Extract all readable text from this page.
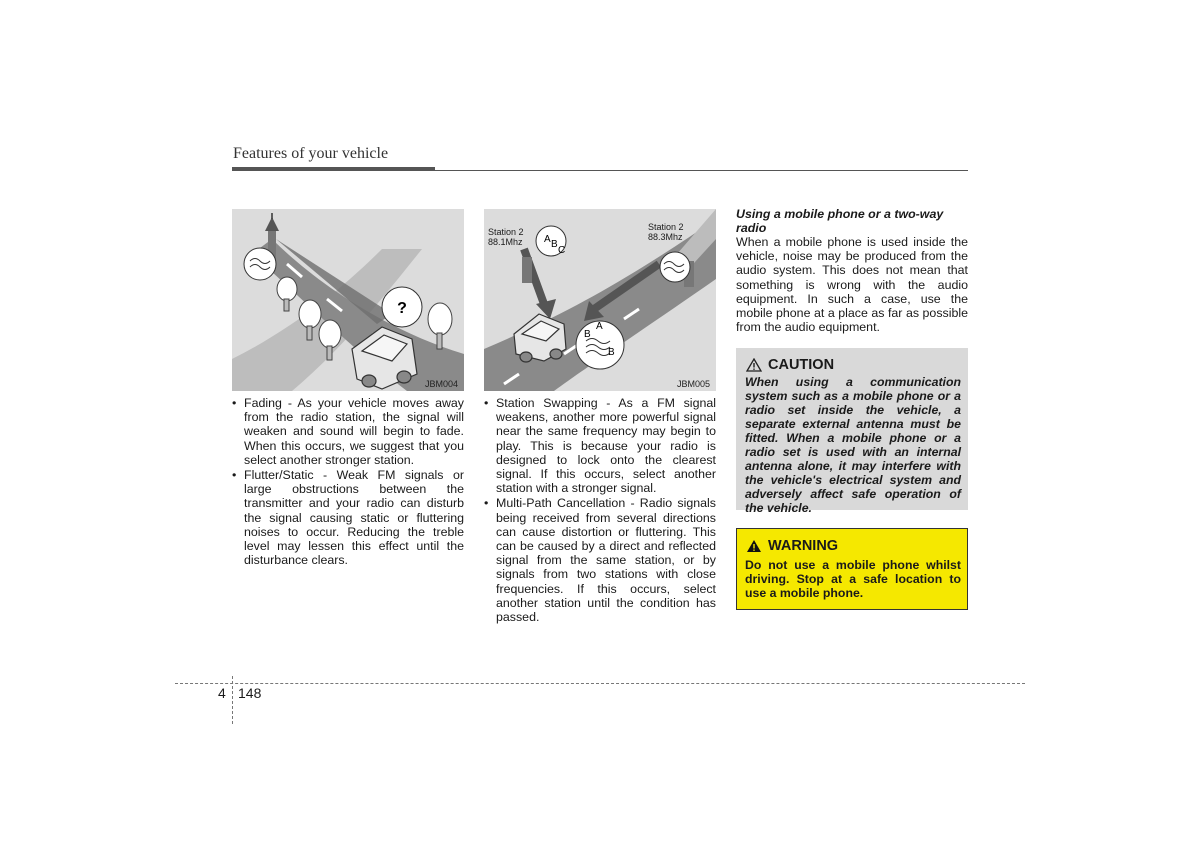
Features of your vehicle
?
JBM004
A B
C
A
B
B
Station 2
88.1Mhz
Station 2
88.3Mhz
JBM005
• Fading - As your vehicle moves away from the radio station, the signal will weaken and sound will begin to fade. When this occurs, we suggest that you select another stronger station.
• Flutter/Static - Weak FM signals or large obstructions between the transmitter and your radio can disturb the signal causing static or fluttering noises to occur. Reducing the treble level may lessen this effect until the disturbance clears.
• Station Swapping - As a FM signal weakens, another more powerful signal near the same frequency may begin to play. This is because your radio is designed to lock onto the clearest signal. If this occurs, select another station with a stronger signal.
• Multi-Path Cancellation - Radio signals being received from several directions can cause distortion or fluttering. This can be caused by a direct and reflected signal from the same station, or by signals from two stations with close frequencies. If this occurs, select another station until the condition has passed.
Using a mobile phone or a two-way radio
When a mobile phone is used inside the vehicle, noise may be produced from the audio system. This does not mean that something is wrong with the audio equipment. In such a case, use the mobile phone at a place as far as possible from the audio equipment.
CAUTION
When using a communication system such as a mobile phone or a radio set inside the vehicle, a separate external antenna must be fitted. When a mobile phone or a radio set is used with an internal antenna alone, it may interfere with the vehicle's electrical system and adversely affect safe operation of the vehicle.
WARNING
Do not use a mobile phone whilst driving. Stop at a safe location to use a mobile phone.
4 148
